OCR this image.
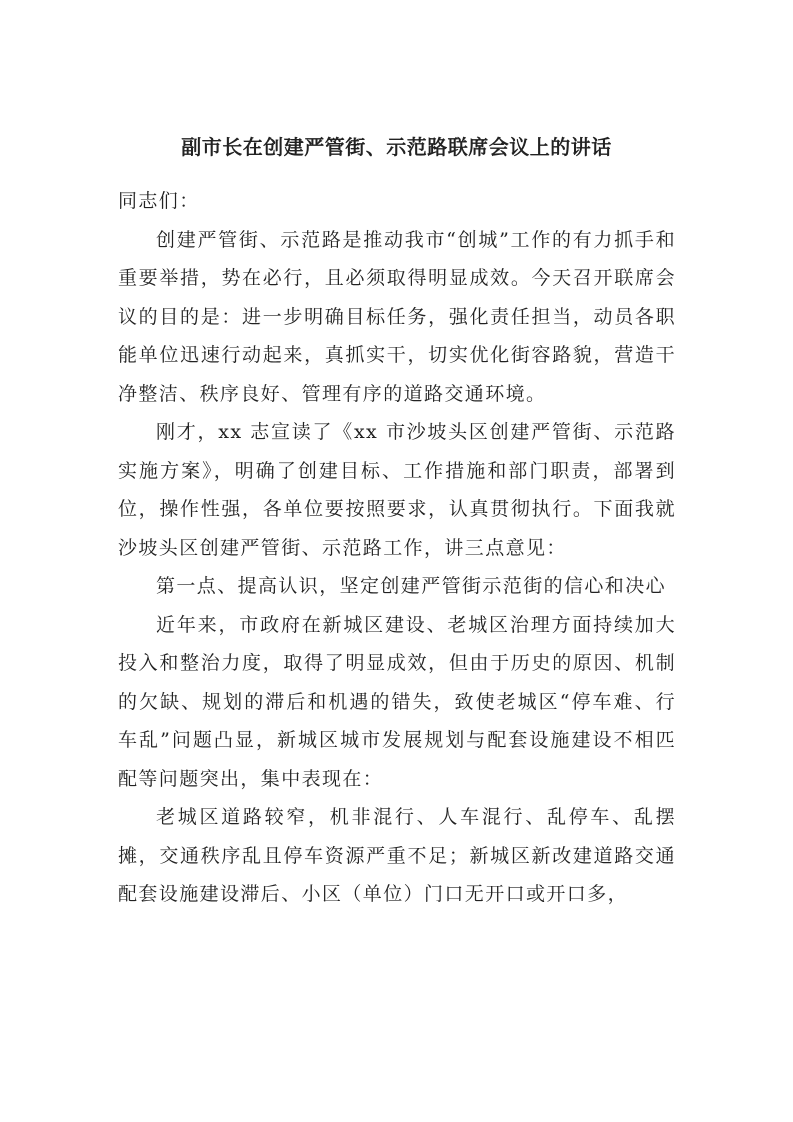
副市长在创建严管街、示范路联席会议上的讲话

同志们：

创建严管街、示范路是推动我市“创城”工作的有力抓手和重要举措，势在必行，且必须取得明显成效。今天召开联席会议的目的是：进一步明确目标任务，强化责任担当，动员各职能单位迅速行动起来，真抓实干，切实优化街容路貌，营造干净整洁、秩序良好、管理有序的道路交通环境。

刚才，xx 志宣读了《xx 市沙坡头区创建严管街、示范路实施方案》，明确了创建目标、工作措施和部门职责，部署到位，操作性强，各单位要按照要求，认真贯彻执行。下面我就沙坡头区创建严管街、示范路工作，讲三点意见：

第一点、提高认识，坚定创建严管街示范街的信心和决心

近年来，市政府在新城区建设、老城区治理方面持续加大投入和整治力度，取得了明显成效，但由于历史的原因、机制的欠缺、规划的滞后和机遇的错失，致使老城区“停车难、行车乱”问题凸显，新城区城市发展规划与配套设施建设不相匹配等问题突出，集中表现在：

老城区道路较窄，机非混行、人车混行、乱停车、乱摆摊，交通秩序乱且停车资源严重不足；新城区新改建道路交通配套设施建设滞后、小区（单位）门口无开口或开口多，
